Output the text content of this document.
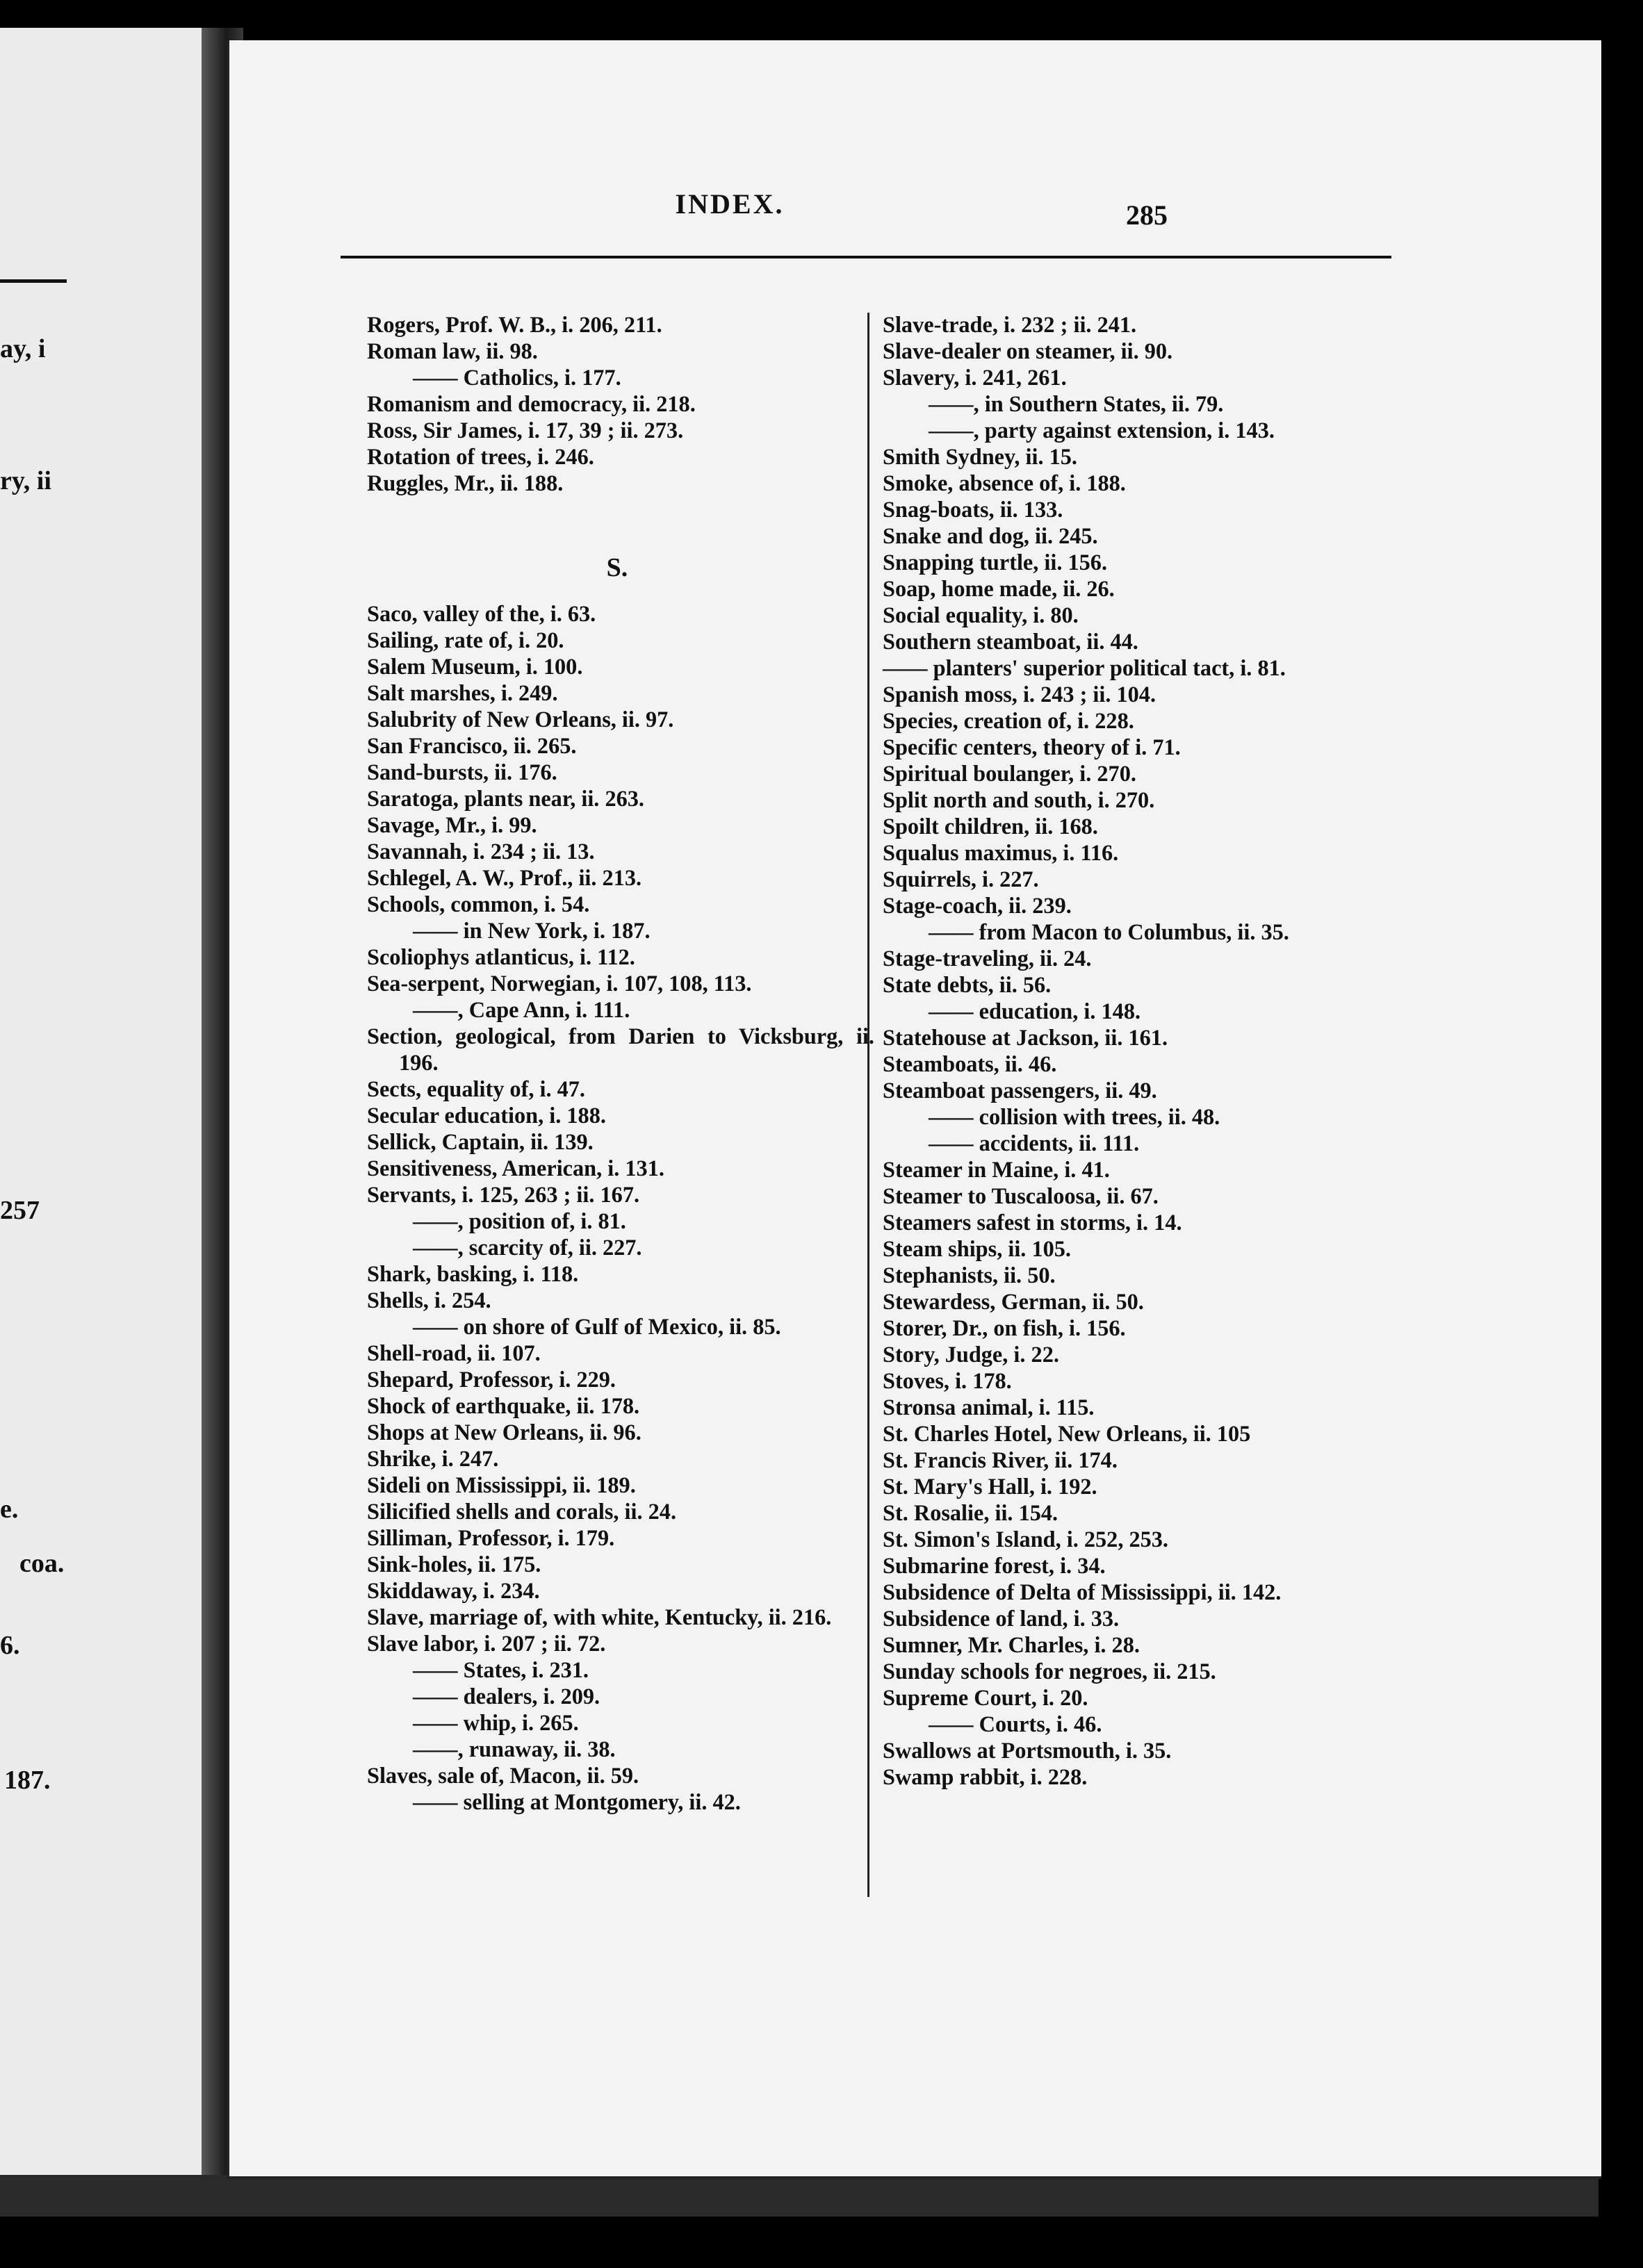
ay, i
ry, ii
257
e.
coa.
6.
187.
INDEX.	285
Rogers, Prof. W. B., i. 206, 211.
Roman law, ii. 98.
—— Catholics, i. 177.
Romanism and democracy, ii. 218.
Ross, Sir James, i. 17, 39 ; ii. 273.
Rotation of trees, i. 246.
Ruggles, Mr., ii. 188.
S.
Saco, valley of the, i. 63.
Sailing, rate of, i. 20.
Salem Museum, i. 100.
Salt marshes, i. 249.
Salubrity of New Orleans, ii. 97.
San Francisco, ii. 265.
Sand-bursts, ii. 176.
Saratoga, plants near, ii. 263.
Savage, Mr., i. 99.
Savannah, i. 234 ; ii. 13.
Schlegel, A. W., Prof., ii. 213.
Schools, common, i. 54.
—— in New York, i. 187.
Scoliophys atlanticus, i. 112.
Sea-serpent, Norwegian, i. 107, 108, 113.
——, Cape Ann, i. 111.
Section, geological, from Darien to Vicksburg, ii. 196.
Sects, equality of, i. 47.
Secular education, i. 188.
Sellick, Captain, ii. 139.
Sensitiveness, American, i. 131.
Servants, i. 125, 263 ; ii. 167.
——, position of, i. 81.
——, scarcity of, ii. 227.
Shark, basking, i. 118.
Shells, i. 254.
—— on shore of Gulf of Mexico, ii. 85.
Shell-road, ii. 107.
Shepard, Professor, i. 229.
Shock of earthquake, ii. 178.
Shops at New Orleans, ii. 96.
Shrike, i. 247.
Sideli on Mississippi, ii. 189.
Silicified shells and corals, ii. 24.
Silliman, Professor, i. 179.
Sink-holes, ii. 175.
Skiddaway, i. 234.
Slave, marriage of, with white, Kentucky, ii. 216.
Slave labor, i. 207 ; ii. 72.
—— States, i. 231.
—— dealers, i. 209.
—— whip, i. 265.
——, runaway, ii. 38.
Slaves, sale of, Macon, ii. 59.
—— selling at Montgomery, ii. 42.
Slave-trade, i. 232 ; ii. 241.
Slave-dealer on steamer, ii. 90.
Slavery, i. 241, 261.
——, in Southern States, ii. 79.
——, party against extension, i. 143.
Smith Sydney, ii. 15.
Smoke, absence of, i. 188.
Snag-boats, ii. 133.
Snake and dog, ii. 245.
Snapping turtle, ii. 156.
Soap, home made, ii. 26.
Social equality, i. 80.
Southern steamboat, ii. 44.
—— planters' superior political tact, i. 81.
Spanish moss, i. 243 ; ii. 104.
Species, creation of, i. 228.
Specific centers, theory of i. 71.
Spiritual boulanger, i. 270.
Split north and south, i. 270.
Spoilt children, ii. 168.
Squalus maximus, i. 116.
Squirrels, i. 227.
Stage-coach, ii. 239.
—— from Macon to Columbus, ii. 35.
Stage-traveling, ii. 24.
State debts, ii. 56.
—— education, i. 148.
Statehouse at Jackson, ii. 161.
Steamboats, ii. 46.
Steamboat passengers, ii. 49.
—— collision with trees, ii. 48.
—— accidents, ii. 111.
Steamer in Maine, i. 41.
Steamer to Tuscaloosa, ii. 67.
Steamers safest in storms, i. 14.
Steam ships, ii. 105.
Stephanists, ii. 50.
Stewardess, German, ii. 50.
Storer, Dr., on fish, i. 156.
Story, Judge, i. 22.
Stoves, i. 178.
Stronsa animal, i. 115.
St. Charles Hotel, New Orleans, ii. 105
St. Francis River, ii. 174.
St. Mary's Hall, i. 192.
St. Rosalie, ii. 154.
St. Simon's Island, i. 252, 253.
Submarine forest, i. 34.
Subsidence of Delta of Mississippi, ii. 142.
Subsidence of land, i. 33.
Sumner, Mr. Charles, i. 28.
Sunday schools for negroes, ii. 215.
Supreme Court, i. 20.
—— Courts, i. 46.
Swallows at Portsmouth, i. 35.
Swamp rabbit, i. 228.
